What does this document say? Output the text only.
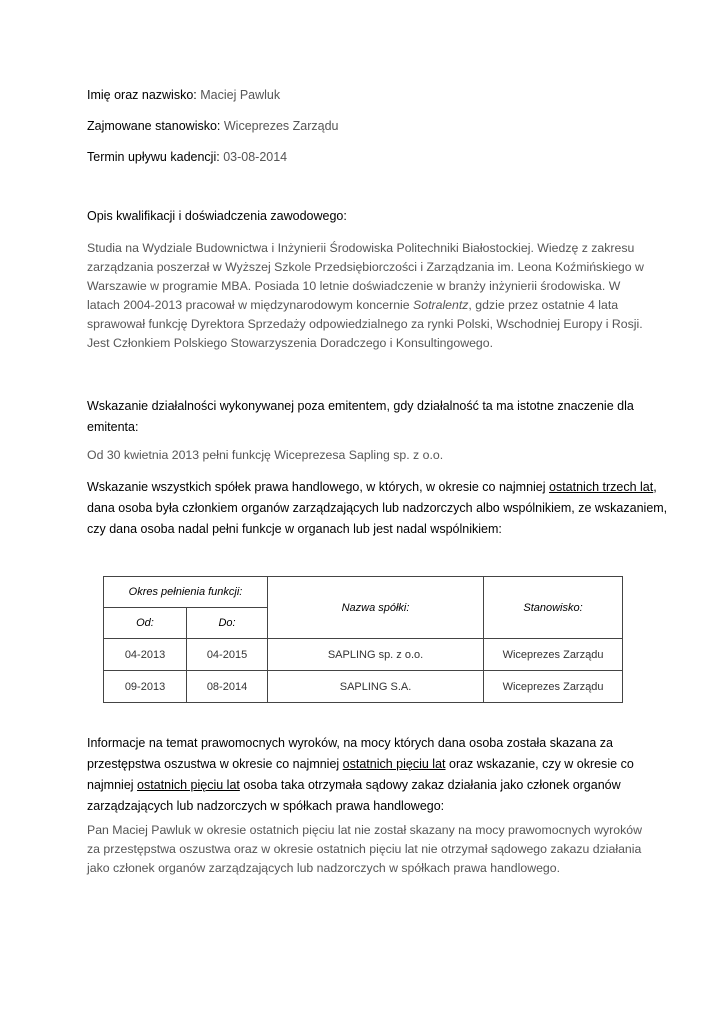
Imię oraz nazwisko: Maciej Pawluk
Zajmowane stanowisko: Wiceprezes Zarządu
Termin upływu kadencji: 03-08-2014
Opis kwalifikacji i doświadczenia zawodowego:
Studia na Wydziale Budownictwa i Inżynierii Środowiska Politechniki Białostockiej. Wiedzę z zakresu
zarządzania poszerzał w Wyższej Szkole Przedsiębiorczości i Zarządzania im. Leona Koźmińskiego w
Warszawie w programie MBA. Posiada 10 letnie doświadczenie w branży inżynierii środowiska. W
latach 2004-2013 pracował w międzynarodowym koncernie Sotralentz, gdzie przez ostatnie 4 lata
sprawował funkcję Dyrektora Sprzedaży odpowiedzialnego za rynki Polski, Wschodniej Europy i Rosji.
Jest Członkiem Polskiego Stowarzyszenia Doradczego i Konsultingowego.
Wskazanie działalności wykonywanej poza emitentem, gdy działalność ta ma istotne znaczenie dla
emitenta:
Od 30 kwietnia 2013 pełni funkcję Wiceprezesa Sapling sp. z o.o.
Wskazanie wszystkich spółek prawa handlowego, w których, w okresie co najmniej ostatnich trzech lat,
dana osoba była członkiem organów zarządzających lub nadzorczych albo wspólnikiem, ze wskazaniem,
czy dana osoba nadal pełni funkcje w organach lub jest nadal wspólnikiem:
Okres pełnienia funkcji:		Nazwa spółki:	Stanowisko:
Od:	Do:		
04-2013	04-2015	SAPLING sp. z o.o.	Wiceprezes Zarządu
09-2013	08-2014	SAPLING S.A.	Wiceprezes Zarządu
Informacje na temat prawomocnych wyroków, na mocy których dana osoba została skazana za
przestępstwa oszustwa w okresie co najmniej ostatnich pięciu lat oraz wskazanie, czy w okresie co
najmniej ostatnich pięciu lat osoba taka otrzymała sądowy zakaz działania jako członek organów
zarządzających lub nadzorczych w spółkach prawa handlowego:
Pan Maciej Pawluk w okresie ostatnich pięciu lat nie został skazany na mocy prawomocnych wyroków
za przestępstwa oszustwa oraz w okresie ostatnich pięciu lat nie otrzymał sądowego zakazu działania
jako członek organów zarządzających lub nadzorczych w spółkach prawa handlowego.
